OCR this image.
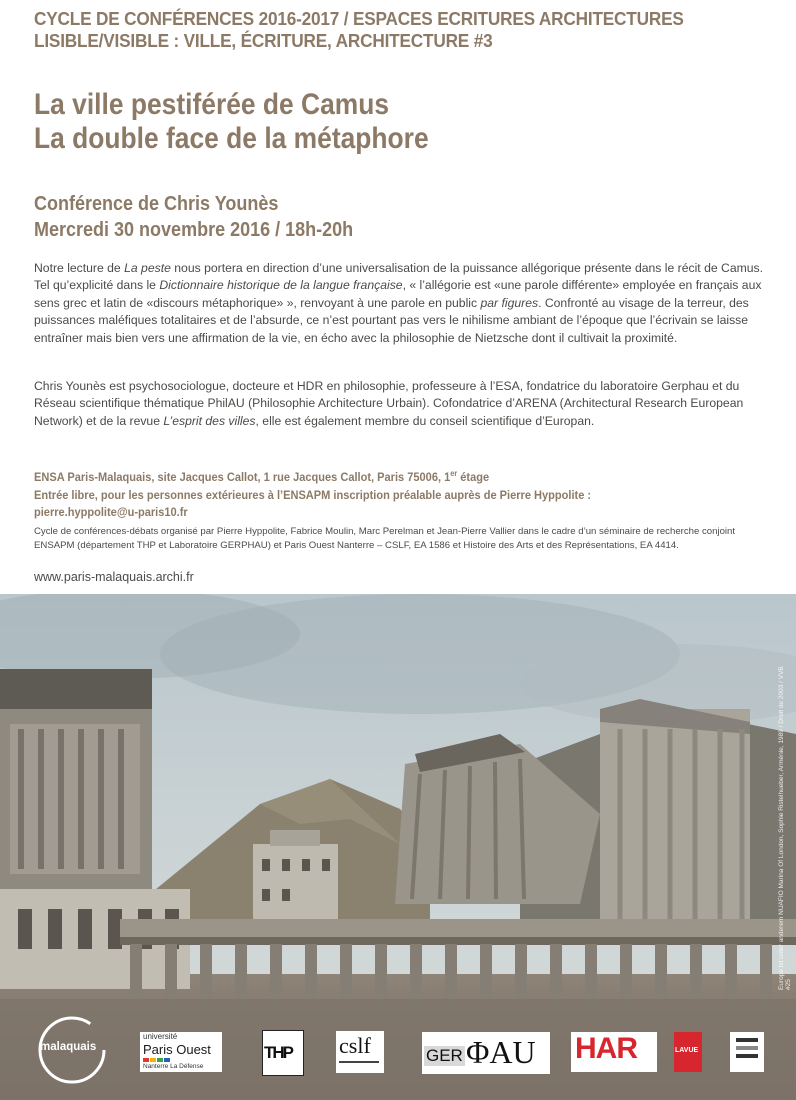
CYCLE DE CONFÉRENCES 2016-2017 / ESPACES ECRITURES ARCHITECTURES
LISIBLE/VISIBLE : VILLE, ÉCRITURE, ARCHITECTURE #3
La ville pestiférée de Camus
La double face de la métaphore
Conférence de Chris Younès
Mercredi 30 novembre 2016 / 18h-20h

Notre lecture de La peste nous portera en direction d’une universalisation de la puissance allégorique présente dans le récit de Camus. Tel qu’explicité dans le Dictionnaire historique de la langue française, « l’allégorie est «une parole différente» employée en français aux sens grec et latin de «discours métaphorique» », renvoyant à une parole en public par figures. Confronté au visage de la terreur, des puissances maléfiques totalitaires et de l’absurde, ce n’est pourtant pas vers le nihilisme ambiant de l’époque que l’écrivain se laisse entraîner mais bien vers une affirmation de la vie, en écho avec la philosophie de Nietzsche dont il cultivait la proximité.

Chris Younès est psychosociologue, docteure et HDR en philosophie, professeure à l’ESA, fondatrice du laboratoire Gerphau et du Réseau scientifique thématique PhilAU (Philosophie Architecture Urbain). Cofondatrice d’ARENA (Architectural Research European Network) et de la revue L’esprit des villes, elle est également membre du conseil scientifique d’Europan.

ENSA Paris-Malaquais, site Jacques Callot, 1 rue Jacques Callot, Paris 75006, 1er étage
Entrée libre, pour les personnes extérieures à l’ENSAPM inscription préalable auprès de Pierre Hyppolite :
pierre.hyppolite@u-paris10.fr

Cycle de conférences-débats organisé par Pierre Hyppolite, Fabrice Moulin, Marc Perelman et Jean-Pierre Vallier dans le cadre d’un séminaire de recherche conjoint ENSAPM (département THP et Laboratoire GERPHAU) et Paris Ouest Nanterre – CSLF, EA 1586 et Histoire des Arts et des Représentations, EA 4414.

www.paris-malaquais.archi.fr

Europe ist unter anderem NUAFIO Marina Of London, Sophie Ristelhueber, Arménie, 1989 / Droit de 2003 / VVB #25
malaquais
université
Paris Ouest
Nanterre La Défense
THP cslf	GER ΦAU HAR	LAVUE
